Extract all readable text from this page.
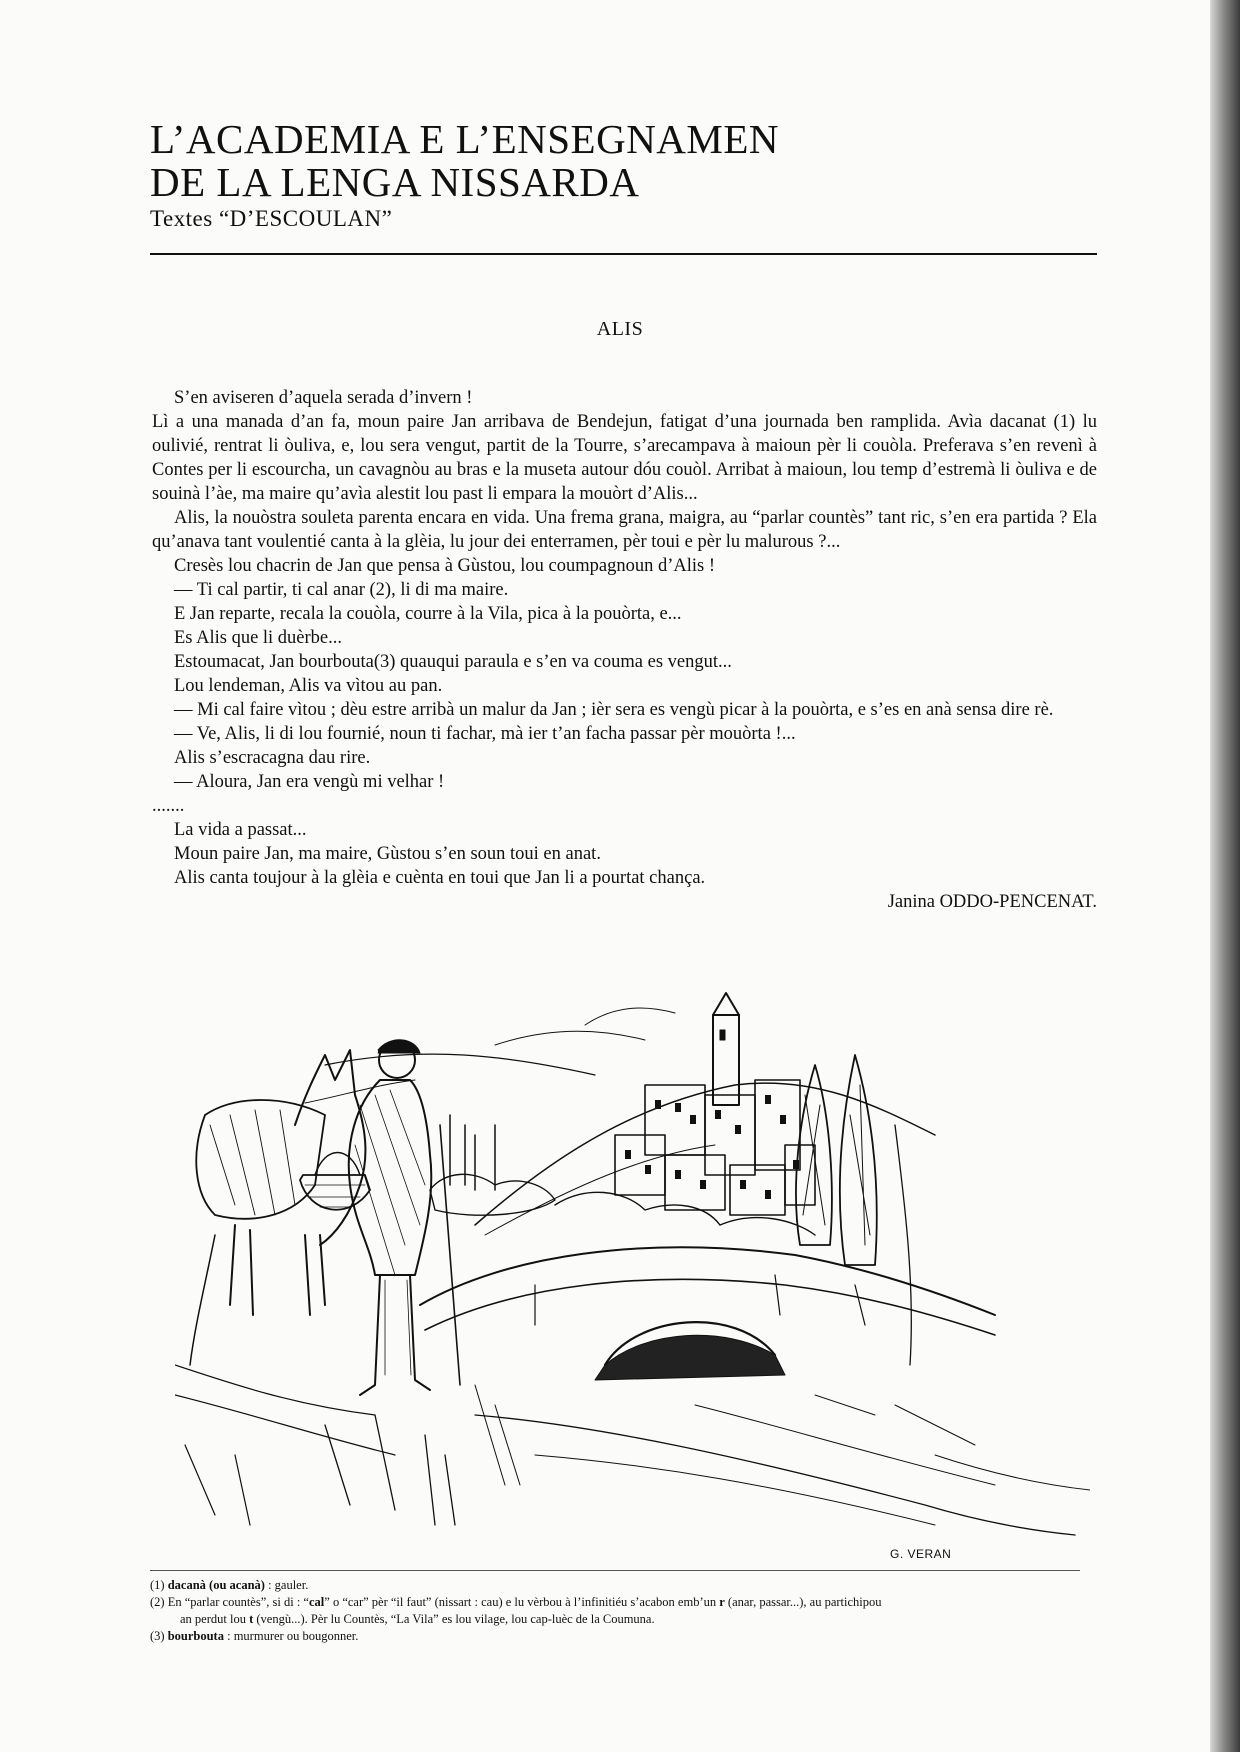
L’ACADEMIA E L’ENSEGNAMEN
DE LA LENGA NISSARDA
Textes “D’ESCOULAN”
ALIS

S’en aviseren d’aquela serada d’invern !

Lì a una manada d’an fa, moun paire Jan arribava de Bendejun, fatigat d’una journada ben ramplida. Avìa dacanat (1) lu oulivié, rentrat li òuliva, e, lou sera vengut, partit de la Tourre, s’arecampava à maioun pèr li couòla. Preferava s’en revenì à Contes per li escourcha, un cavagnòu au bras e la museta autour dóu couòl. Arribat à maioun, lou temp d’estremà li òuliva e de souinà l’àe, ma maire qu’avìa alestit lou past li empara la mouòrt d’Alis...

Alis, la nouòstra souleta parenta encara en vida. Una frema grana, maigra, au “parlar countès” tant ric, s’en era partida ? Ela qu’anava tant voulentié canta à la glèia, lu jour dei enterramen, pèr toui e pèr lu malurous ?...

Cresès lou chacrin de Jan que pensa à Gùstou, lou coumpagnoun d’Alis !

— Ti cal partir, ti cal anar (2), li di ma maire.

E Jan reparte, recala la couòla, courre à la Vila, pica à la pouòrta, e...

Es Alis que li duèrbe...

Estoumacat, Jan bourbouta(3) quauqui paraula e s’en va couma es vengut...

Lou lendeman, Alis va vìtou au pan.

— Mi cal faire vìtou ; dèu estre arribà un malur da Jan ; ièr sera es vengù picar à la pouòrta, e s’es en anà sensa dire rè.

— Ve, Alis, li di lou fournié, noun ti fachar, mà ier t’an facha passar pèr mouòrta !...

Alis s’escracagna dau rire.

— Aloura, Jan era vengù mi velhar !

.......

La vida a passat...

Moun paire Jan, ma maire, Gùstou s’en soun toui en anat.

Alis canta toujour à la glèia e cuènta en toui que Jan li a pourtat chança.

Janina ODDO-PENCENAT.

G. VERAN
(1) dacanà (ou acanà) : gauler.
(2) En “parlar countès”, si di : “cal” o “car” pèr “il faut” (nissart : cau) e lu vèrbou à l’infinitiéu s’acabon emb’un r (anar, passar...), au partichipou
an perdut lou t (vengù...). Pèr lu Countès, “La Vila” es lou vilage, lou cap-luèc de la Coumuna.
(3) bourbouta : murmurer ou bougonner.
